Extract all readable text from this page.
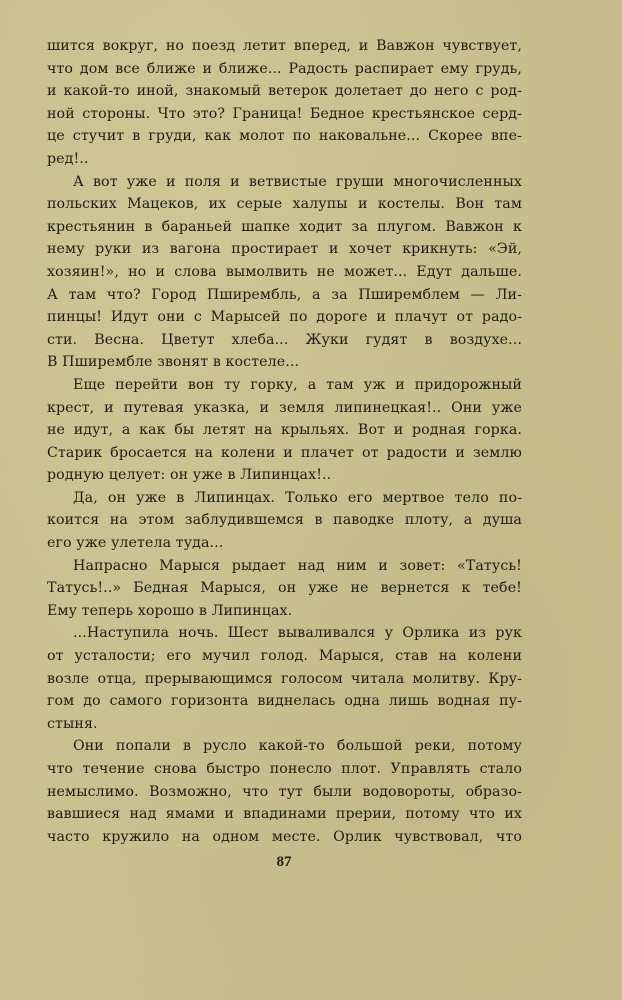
шится вокруг, но поезд летит вперед, и Вавжон чувствует,
что дом все ближе и ближе... Радость распирает ему грудь,
и какой-то иной, знакомый ветерок долетает до него с род-
ной стороны. Что это? Граница! Бедное крестьянское серд-
це стучит в груди, как молот по наковальне... Скорее впе-
ред!..
А вот уже и поля и ветвистые груши многочисленных
польских Мацеков, их серые халупы и костелы. Вон там
крестьянин в бараньей шапке ходит за плугом. Вавжон к
нему руки из вагона простирает и хочет крикнуть: «Эй,
хозяин!», но и слова вымолвить не может... Едут дальше.
А там что? Город Пширембль, а за Пширемблем — Ли-
пинцы! Идут они с Марысей по дороге и плачут от радо-
сти. Весна. Цветут хлеба... Жуки гудят в воздухе...
В Пширембле звонят в костеле...
Еще перейти вон ту горку, а там уж и придорожный
крест, и путевая указка, и земля липинецкая!.. Они уже
не идут, а как бы летят на крыльях. Вот и родная горка.
Старик бросается на колени и плачет от радости и землю
родную целует: он уже в Липинцах!..
Да, он уже в Липинцах. Только его мертвое тело по-
коится на этом заблудившемся в паводке плоту, а душа
его уже улетела туда...
Напрасно Марыся рыдает над ним и зовет: «Татусь!
Татусь!..» Бедная Марыся, он уже не вернется к тебе!
Ему теперь хорошо в Липинцах.
...Наступила ночь. Шест вываливался у Орлика из рук
от усталости; его мучил голод. Марыся, став на колени
возле отца, прерывающимся голосом читала молитву. Кру-
гом до самого горизонта виднелась одна лишь водная пу-
стыня.
Они попали в русло какой-то большой реки, потому
что течение снова быстро понесло плот. Управлять стало
немыслимо. Возможно, что тут были водовороты, образо-
вавшиеся над ямами и впадинами прерии, потому что их
часто кружило на одном месте. Орлик чувствовал, что
87
